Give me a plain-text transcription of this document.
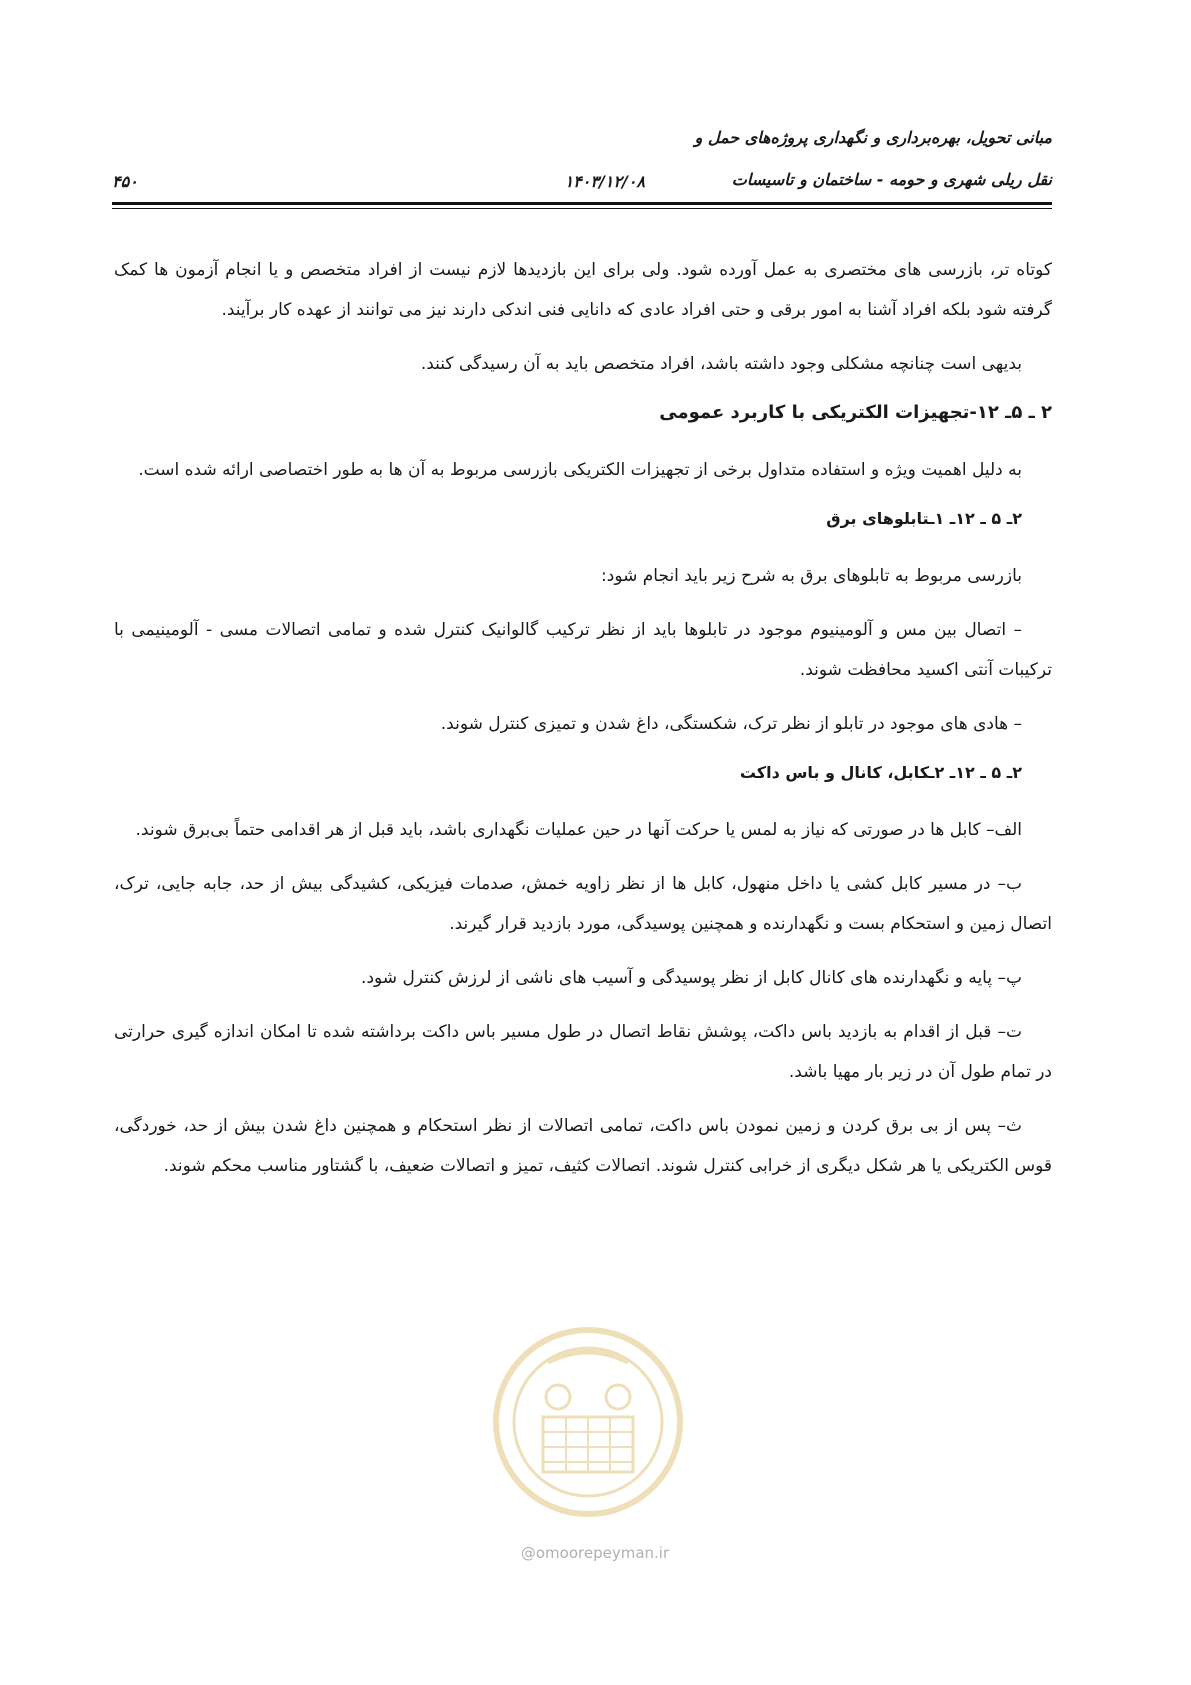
مبانی تحویل، بهره‌برداری و نگهداری پروژه‌های حمل و
نقل ریلی شهری و حومه - ساختمان و تاسیسات
۱۴۰۳/۱۲/۰۸
۴۵۰

کوتاه تر، بازرسی های مختصری به عمل آورده شود. ولی برای این بازدیدها لازم نیست از افراد متخصص و یا انجام آزمون ها کمک گرفته شود بلکه افراد آشنا به امور برقی و حتی افراد عادی که دانایی فنی اندکی دارند نیز می توانند از عهده کار برآیند.

بدیهی است چنانچه مشکلی وجود داشته باشد، افراد متخصص باید به آن رسیدگی کنند.

۲ ـ ۵ـ ۱۲-تجهیزات الکتریکی با کاربرد عمومی

به دلیل اهمیت ویژه و استفاده متداول برخی از تجهیزات الکتریکی بازرسی مربوط به آن ها به طور اختصاصی ارائه شده است.

۲ـ ۵ ـ ۱۲ـ ۱ـتابلوهای برق

بازرسی مربوط به تابلوهای برق به شرح زیر باید انجام شود:

– اتصال بین مس و آلومینیوم موجود در تابلوها باید از نظر ترکیب گالوانیک کنترل شده و تمامی اتصالات مسی - آلومینیمی با ترکیبات آنتی اکسید محافظت شوند.

– هادی های موجود در تابلو از نظر ترک، شکستگی، داغ شدن و تمیزی کنترل شوند.

۲ـ ۵ ـ ۱۲ـ ۲ـکابل، کانال و باس داکت

الف– کابل ها در صورتی که نیاز به لمس یا حرکت آنها در حین عملیات نگهداری باشد، باید قبل از هر اقدامی حتماً بی‌برق شوند.

ب– در مسیر کابل کشی یا داخل منهول، کابل ها از نظر زاویه خمش، صدمات فیزیکی، کشیدگی بیش از حد، جابه جایی، ترک، اتصال زمین و استحکام بست و نگهدارنده و همچنین پوسیدگی، مورد بازدید قرار گیرند.

پ– پایه و نگهدارنده های کانال کابل از نظر پوسیدگی و آسیب های ناشی از لرزش کنترل شود.

ت– قبل از اقدام به بازدید باس داکت، پوشش نقاط اتصال در طول مسیر باس داکت برداشته شده تا امکان اندازه گیری حرارتی در تمام طول آن در زیر بار مهیا باشد.

ث– پس از بی برق کردن و زمین نمودن باس داکت، تمامی اتصالات از نظر استحکام و همچنین داغ شدن بیش از حد، خوردگی، قوس الکتریکی یا هر شکل دیگری از خرابی کنترل شوند. اتصالات کثیف، تمیز و اتصالات ضعیف، با گشتاور مناسب محکم شوند.

@omoorepeyman.ir
